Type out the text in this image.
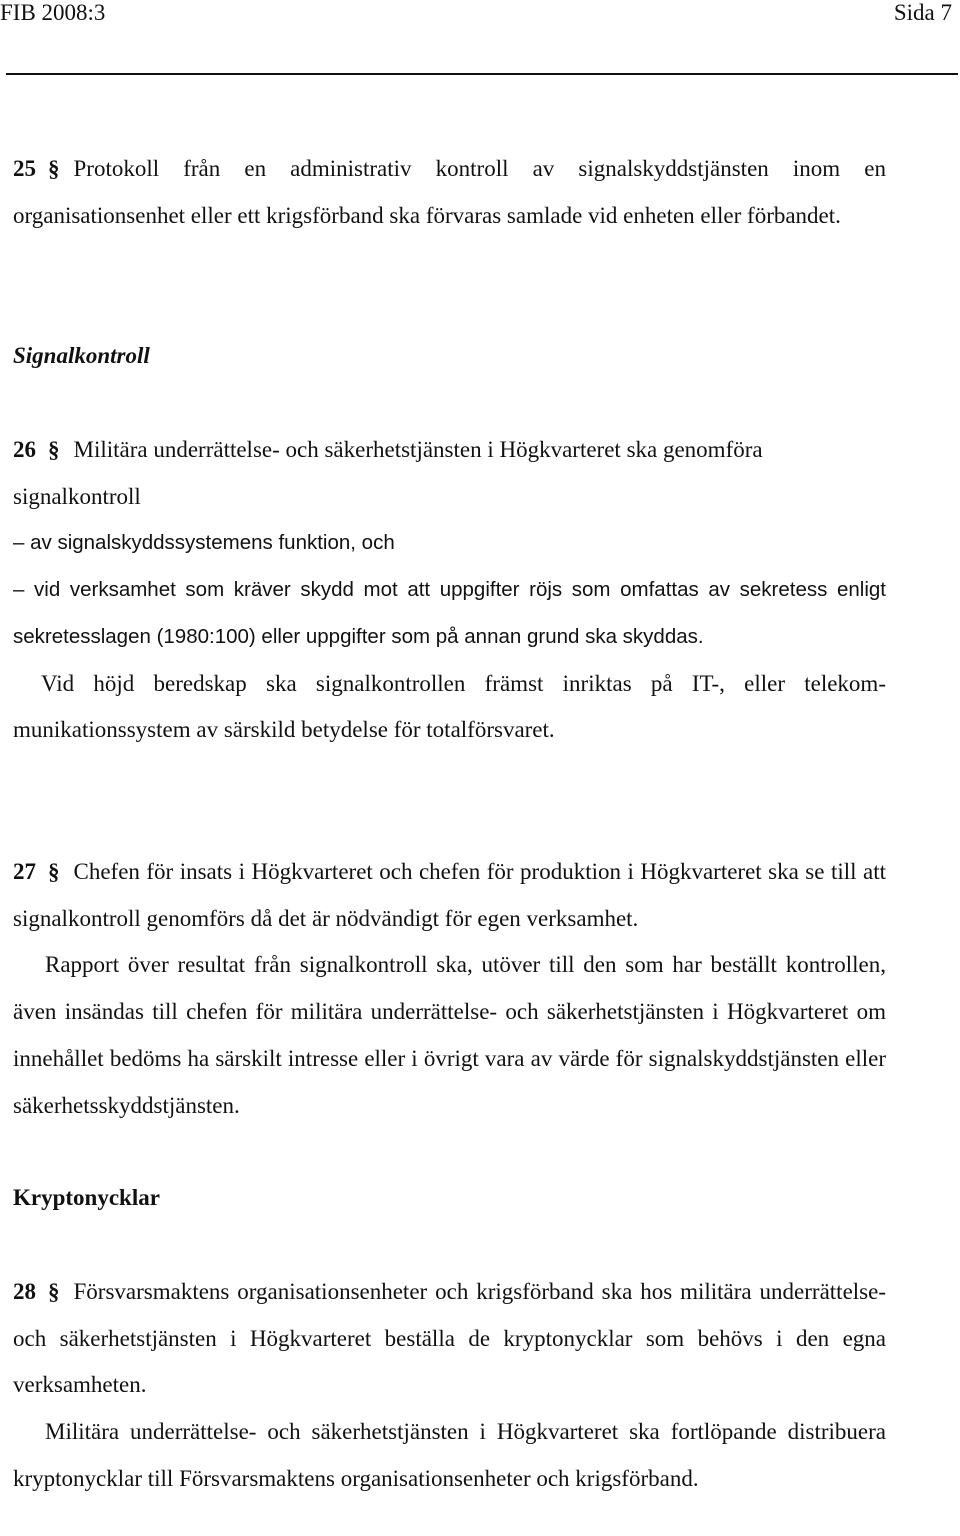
FIB 2008:3	Sida 7

25 § Protokoll från en administrativ kontroll av signalskyddstjänsten inom en organisationsenhet eller ett krigsförband ska förvaras samlade vid enheten eller förbandet.

Signalkontroll

26 § Militära underrättelse- och säkerhetstjänsten i Högkvarteret ska genomföra signalkontroll

– av signalskyddssystemens funktion, och

– vid verksamhet som kräver skydd mot att uppgifter röjs som omfattas av sekretess enligt sekretesslagen (1980:100) eller uppgifter som på annan grund ska skyddas.

Vid höjd beredskap ska signalkontrollen främst inriktas på IT-, eller telekommunikationssystem av särskild betydelse för totalförsvaret.

27 § Chefen för insats i Högkvarteret och chefen för produktion i Högkvarteret ska se till att signalkontroll genomförs då det är nödvändigt för egen verksamhet.

Rapport över resultat från signalkontroll ska, utöver till den som har beställt kontrollen, även insändas till chefen för militära underrättelse- och säkerhetstjänsten i Högkvarteret om innehållet bedöms ha särskilt intresse eller i övrigt vara av värde för signalskyddstjänsten eller säkerhetsskyddstjänsten.

Kryptonycklar

28 § Försvarsmaktens organisationsenheter och krigsförband ska hos militära underrättelse- och säkerhetstjänsten i Högkvarteret beställa de kryptonycklar som behövs i den egna verksamheten.

Militära underrättelse- och säkerhetstjänsten i Högkvarteret ska fortlöpande distribuera kryptonycklar till Försvarsmaktens organisationsenheter och krigsförband.
